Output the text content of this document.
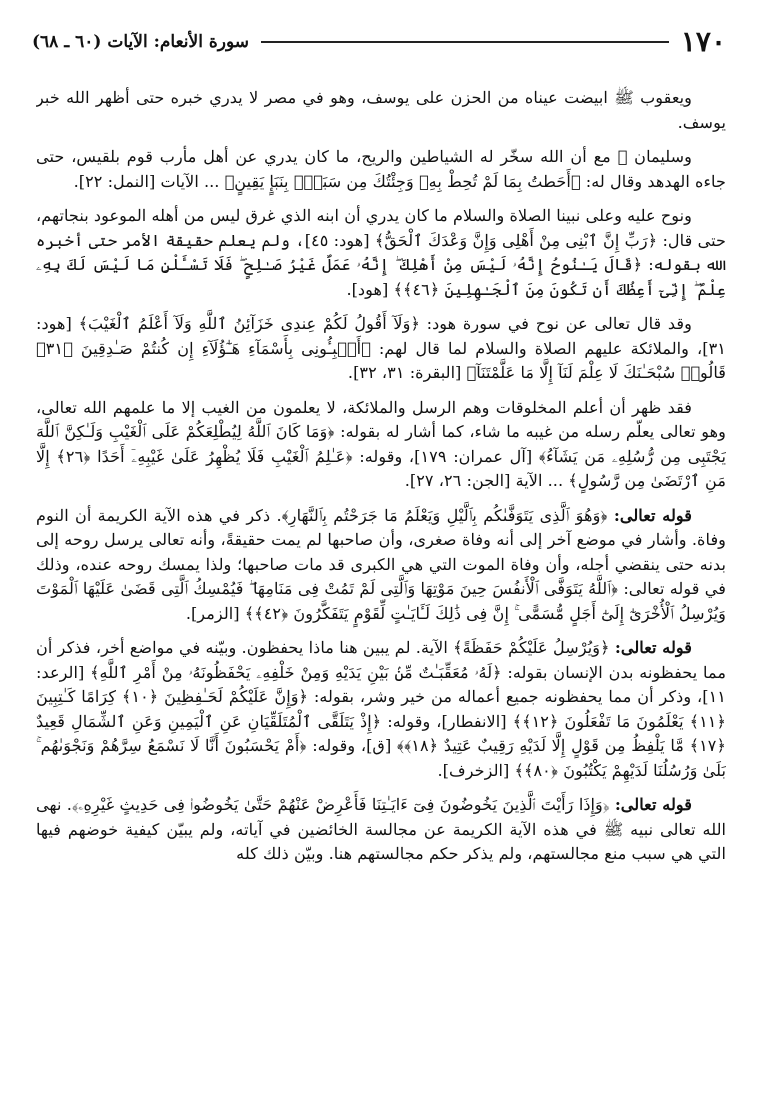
١٧٠
سورة الأنعام: الآيات (٦٠ ـ ٦٨)

ويعقوب ﷺ ابيضت عيناه من الحزن على يوسف، وهو في مصر لا يدري خبره حتى أظهر الله خبر يوسف.

وسليمان ﷺ مع أن الله سخّر له الشياطين والريح، ما كان يدري عن أهل مأرب قوم بلقيس، حتى جاءه الهدهد وقال له: ﴿أَحَطتُ بِمَا لَمْ تُحِطْ بِهِۦ وَجِئْتُكَ مِن سَبَإٍۭ بِنَبَإٍ يَقِينٍ﴾ ... الآيات [النمل: ٢٢].

ونوح عليه وعلى نبينا الصلاة والسلام ما كان يدري أن ابنه الذي غرق ليس من أهله الموعود بنجاتهم، حتى قال: ﴿رَبِّ إِنَّ ٱبْنِى مِنْ أَهْلِى وَإِنَّ وَعْدَكَ ٱلْحَقُّ﴾ [هود: ٤٥]، ولم يعلم حقيقة الأمر حتى أخبره الله بقوله: ﴿قَالَ يَـٰنُوحُ إِنَّهُۥ لَيْسَ مِنْ أَهْلِكَ ۖ إِنَّهُۥ عَمَلٌ غَيْرُ صَـٰلِحٍ ۖ فَلَا تَسْـَٔلْنِ مَا لَيْسَ لَكَ بِهِۦ عِلْمٌ ۖ إِنِّىٓ أَعِظُكَ أَن تَكُونَ مِنَ ٱلْجَـٰهِلِينَ ﴿٤٦﴾﴾ [هود].

وقد قال تعالى عن نوح في سورة هود: ﴿وَلَآ أَقُولُ لَكُمْ عِندِى خَزَآئِنُ ٱللَّهِ وَلَآ أَعْلَمُ ٱلْغَيْبَ﴾ [هود: ٣١]، والملائكة عليهم الصلاة والسلام لما قال لهم: ﴿أَنۢبِـُٔونِى بِأَسْمَآءِ هَـٰٓؤُلَآءِ إِن كُنتُمْ صَـٰدِقِينَ ﴿٣١﴾ قَالُوا۟ سُبْحَـٰنَكَ لَا عِلْمَ لَنَآ إِلَّا مَا عَلَّمْتَنَآ﴾ [البقرة: ٣١، ٣٢].

فقد ظهر أن أعلم المخلوقات وهم الرسل والملائكة، لا يعلمون من الغيب إلا ما علمهم الله تعالى، وهو تعالى يعلّم رسله من غيبه ما شاء، كما أشار له بقوله: ﴿وَمَا كَانَ ٱللَّهُ لِيُطْلِعَكُمْ عَلَى ٱلْغَيْبِ وَلَـٰكِنَّ ٱللَّهَ يَجْتَبِى مِن رُّسُلِهِۦ مَن يَشَآءُ﴾ [آل عمران: ١٧٩]، وقوله: ﴿عَـٰلِمُ ٱلْغَيْبِ فَلَا يُظْهِرُ عَلَىٰ غَيْبِهِۦٓ أَحَدًا ﴿٢٦﴾ إِلَّا مَنِ ٱرْتَضَىٰ مِن رَّسُولٍ﴾ ... الآية [الجن: ٢٦، ٢٧].

قوله تعالى: ﴿وَهُوَ ٱلَّذِى يَتَوَفَّىٰكُم بِٱلَّيْلِ وَيَعْلَمُ مَا جَرَحْتُم بِٱلنَّهَارِ﴾. ذكر في هذه الآية الكريمة أن النوم وفاة. وأشار في موضع آخر إلى أنه وفاة صغرى، وأن صاحبها لم يمت حقيقةً، وأنه تعالى يرسل روحه إلى بدنه حتى ينقضي أجله، وأن وفاة الموت التي هي الكبرى قد مات صاحبها؛ ولذا يمسك روحه عنده، وذلك في قوله تعالى: ﴿ٱللَّهُ يَتَوَفَّى ٱلْأَنفُسَ حِينَ مَوْتِهَا وَٱلَّتِى لَمْ تَمُتْ فِى مَنَامِهَا ۖ فَيُمْسِكُ ٱلَّتِى قَضَىٰ عَلَيْهَا ٱلْمَوْتَ وَيُرْسِلُ ٱلْأُخْرَىٰٓ إِلَىٰٓ أَجَلٍ مُّسَمًّى ۚ إِنَّ فِى ذَٰلِكَ لَـَٔايَـٰتٍ لِّقَوْمٍ يَتَفَكَّرُونَ ﴿٤٢﴾﴾ [الزمر].

قوله تعالى: ﴿وَيُرْسِلُ عَلَيْكُمْ حَفَظَةً﴾ الآية. لم يبين هنا ماذا يحفظون. وبيّنه في مواضع أخر، فذكر أن مما يحفظونه بدن الإنسان بقوله: ﴿لَهُۥ مُعَقِّبَـٰتٌ مِّنۢ بَيْنِ يَدَيْهِ وَمِنْ خَلْفِهِۦ يَحْفَظُونَهُۥ مِنْ أَمْرِ ٱللَّهِ﴾ [الرعد: ١١]، وذكر أن مما يحفظونه جميع أعماله من خير وشر، بقوله: ﴿وَإِنَّ عَلَيْكُمْ لَحَـٰفِظِينَ ﴿١٠﴾ كِرَامًا كَـٰتِبِينَ ﴿١١﴾ يَعْلَمُونَ مَا تَفْعَلُونَ ﴿١٢﴾﴾ [الانفطار]، وقوله: ﴿إِذْ يَتَلَقَّى ٱلْمُتَلَقِّيَانِ عَنِ ٱلْيَمِينِ وَعَنِ ٱلشِّمَالِ قَعِيدٌ ﴿١٧﴾ مَّا يَلْفِظُ مِن قَوْلٍ إِلَّا لَدَيْهِ رَقِيبٌ عَتِيدٌ ﴿١٨﴾﴾ [ق]، وقوله: ﴿أَمْ يَحْسَبُونَ أَنَّا لَا نَسْمَعُ سِرَّهُمْ وَنَجْوَىٰهُم ۚ بَلَىٰ وَرُسُلُنَا لَدَيْهِمْ يَكْتُبُونَ ﴿٨٠﴾﴾ [الزخرف].

قوله تعالى: ﴿وَإِذَا رَأَيْتَ ٱلَّذِينَ يَخُوضُونَ فِىٓ ءَايَـٰتِنَا فَأَعْرِضْ عَنْهُمْ حَتَّىٰ يَخُوضُوا۟ فِى حَدِيثٍ غَيْرِهِۦ﴾. نهى الله تعالى نبيه ﷺ في هذه الآية الكريمة عن مجالسة الخائضين في آياته، ولم يبيّن كيفية خوضهم فيها التي هي سبب منع مجالستهم، ولم يذكر حكم مجالستهم هنا. وبيّن ذلك كله
